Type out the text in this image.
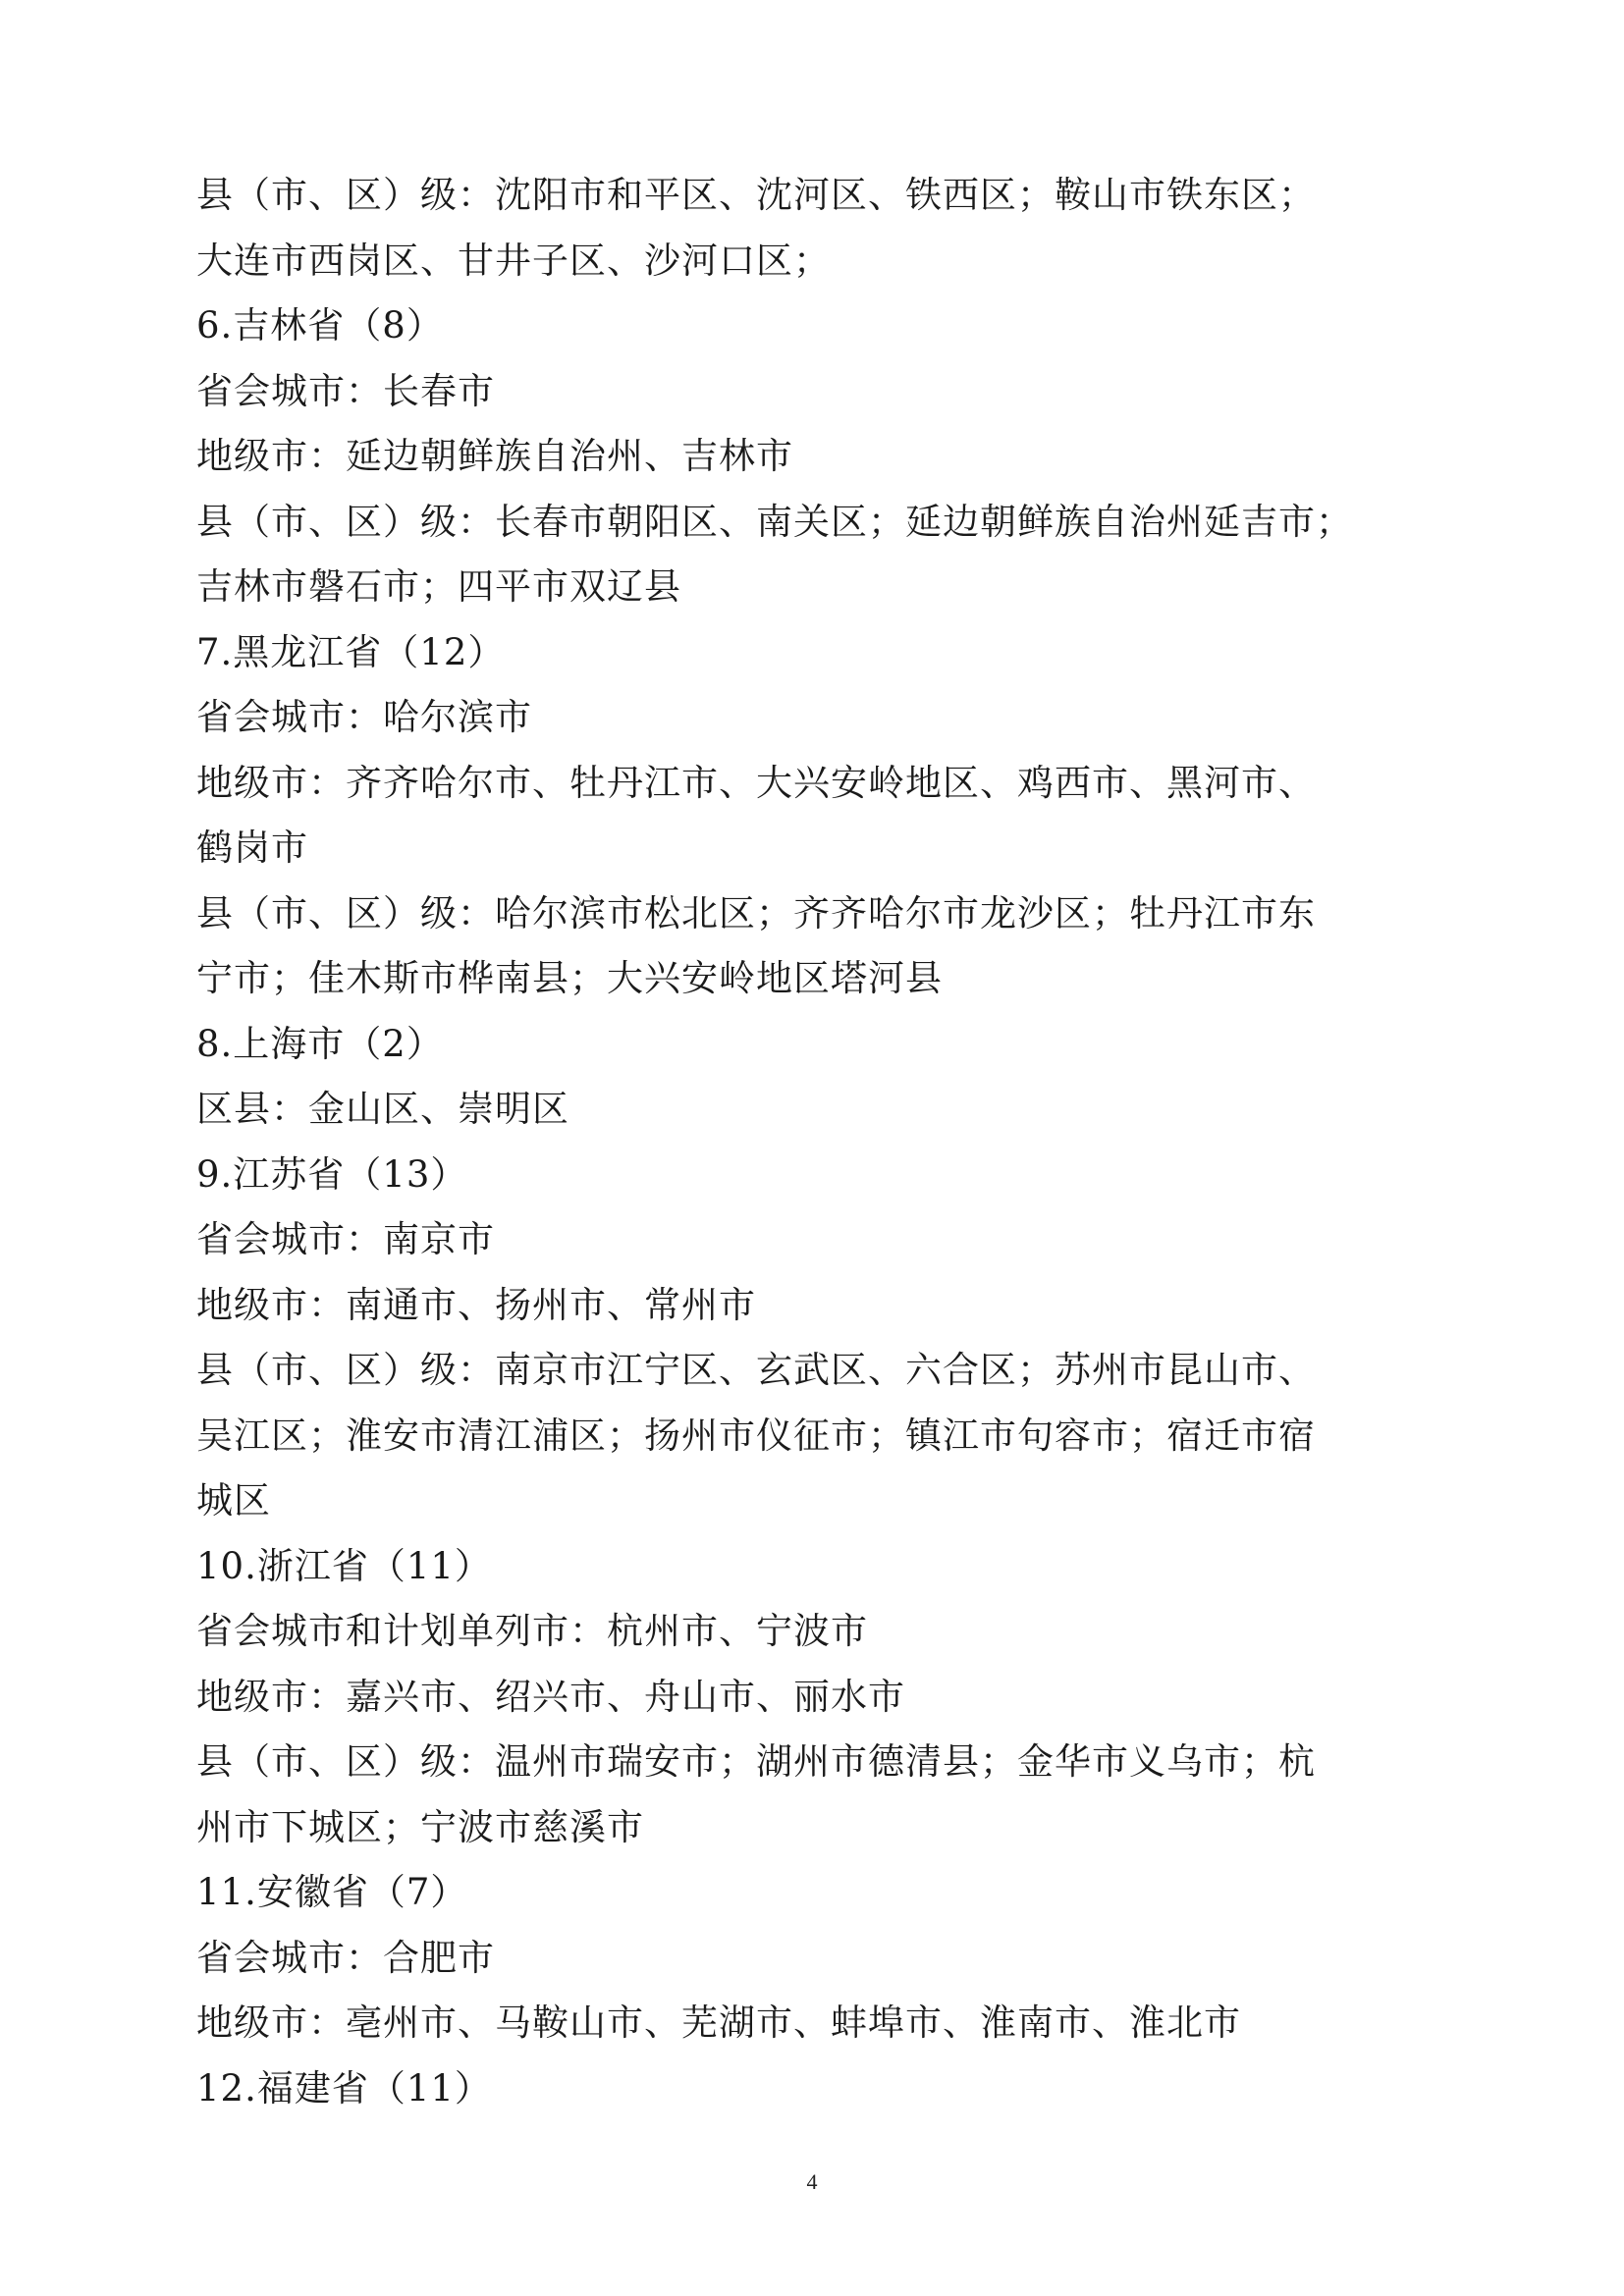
县（市、区）级：沈阳市和平区、沈河区、铁西区；鞍山市铁东区；
大连市西岗区、甘井子区、沙河口区；
6.吉林省（8）
省会城市：长春市
地级市：延边朝鲜族自治州、吉林市
县（市、区）级：长春市朝阳区、南关区；延边朝鲜族自治州延吉市；
吉林市磐石市；四平市双辽县
7.黑龙江省（12）
省会城市：哈尔滨市
地级市：齐齐哈尔市、牡丹江市、大兴安岭地区、鸡西市、黑河市、
鹤岗市
县（市、区）级：哈尔滨市松北区；齐齐哈尔市龙沙区；牡丹江市东
宁市；佳木斯市桦南县；大兴安岭地区塔河县
8.上海市（2）
区县：金山区、崇明区
9.江苏省（13）
省会城市：南京市
地级市：南通市、扬州市、常州市
县（市、区）级：南京市江宁区、玄武区、六合区；苏州市昆山市、
吴江区；淮安市清江浦区；扬州市仪征市；镇江市句容市；宿迁市宿
城区
10.浙江省（11）
省会城市和计划单列市：杭州市、宁波市
地级市：嘉兴市、绍兴市、舟山市、丽水市
县（市、区）级：温州市瑞安市；湖州市德清县；金华市义乌市；杭
州市下城区；宁波市慈溪市
11.安徽省（7）
省会城市：合肥市
地级市：亳州市、马鞍山市、芜湖市、蚌埠市、淮南市、淮北市
12.福建省（11）
4
